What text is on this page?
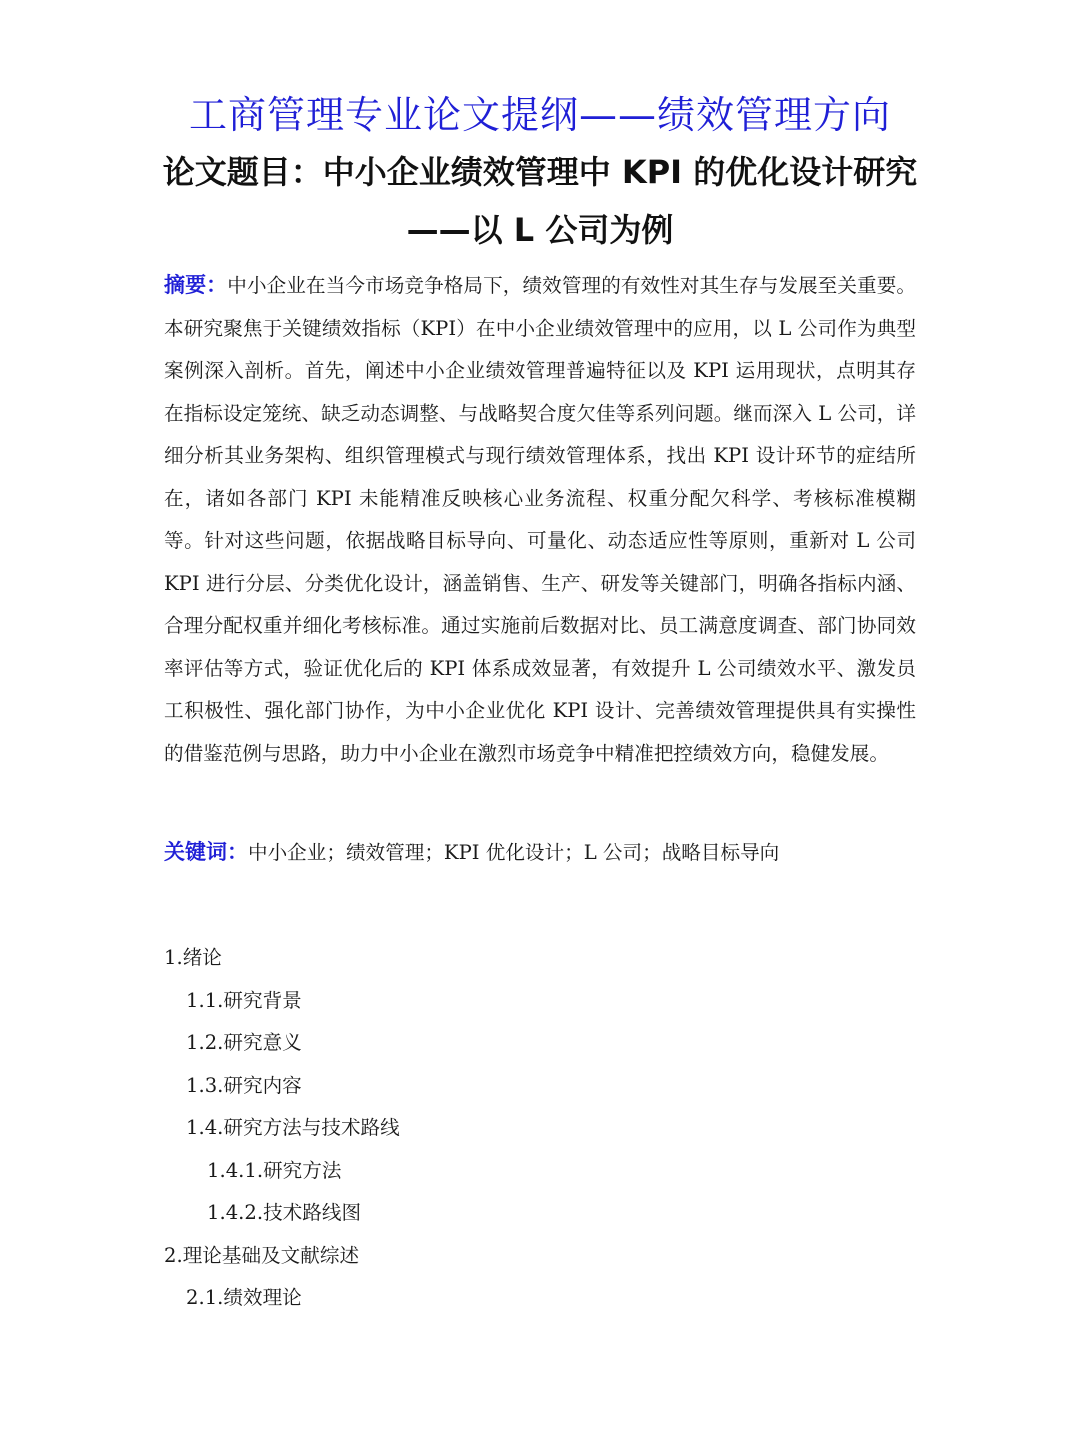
工商管理专业论文提纲——绩效管理方向
论文题目：中小企业绩效管理中 KPI 的优化设计研究
——以 L 公司为例

摘要：中小企业在当今市场竞争格局下，绩效管理的有效性对其生存与发展至关重要。本研究聚焦于关键绩效指标（KPI）在中小企业绩效管理中的应用，以 L 公司作为典型案例深入剖析。首先，阐述中小企业绩效管理普遍特征以及 KPI 运用现状，点明其存在指标设定笼统、缺乏动态调整、与战略契合度欠佳等系列问题。继而深入 L 公司，详细分析其业务架构、组织管理模式与现行绩效管理体系，找出 KPI 设计环节的症结所在，诸如各部门 KPI 未能精准反映核心业务流程、权重分配欠科学、考核标准模糊等。针对这些问题，依据战略目标导向、可量化、动态适应性等原则，重新对 L 公司 KPI 进行分层、分类优化设计，涵盖销售、生产、研发等关键部门，明确各指标内涵、合理分配权重并细化考核标准。通过实施前后数据对比、员工满意度调查、部门协同效率评估等方式，验证优化后的 KPI 体系成效显著，有效提升 L 公司绩效水平、激发员工积极性、强化部门协作，为中小企业优化 KPI 设计、完善绩效管理提供具有实操性的借鉴范例与思路，助力中小企业在激烈市场竞争中精准把控绩效方向，稳健发展。

关键词：中小企业；绩效管理；KPI 优化设计；L 公司；战略目标导向

1.绪论
1.1.研究背景
1.2.研究意义
1.3.研究内容
1.4.研究方法与技术路线
1.4.1.研究方法
1.4.2.技术路线图
2.理论基础及文献综述
2.1.绩效理论
